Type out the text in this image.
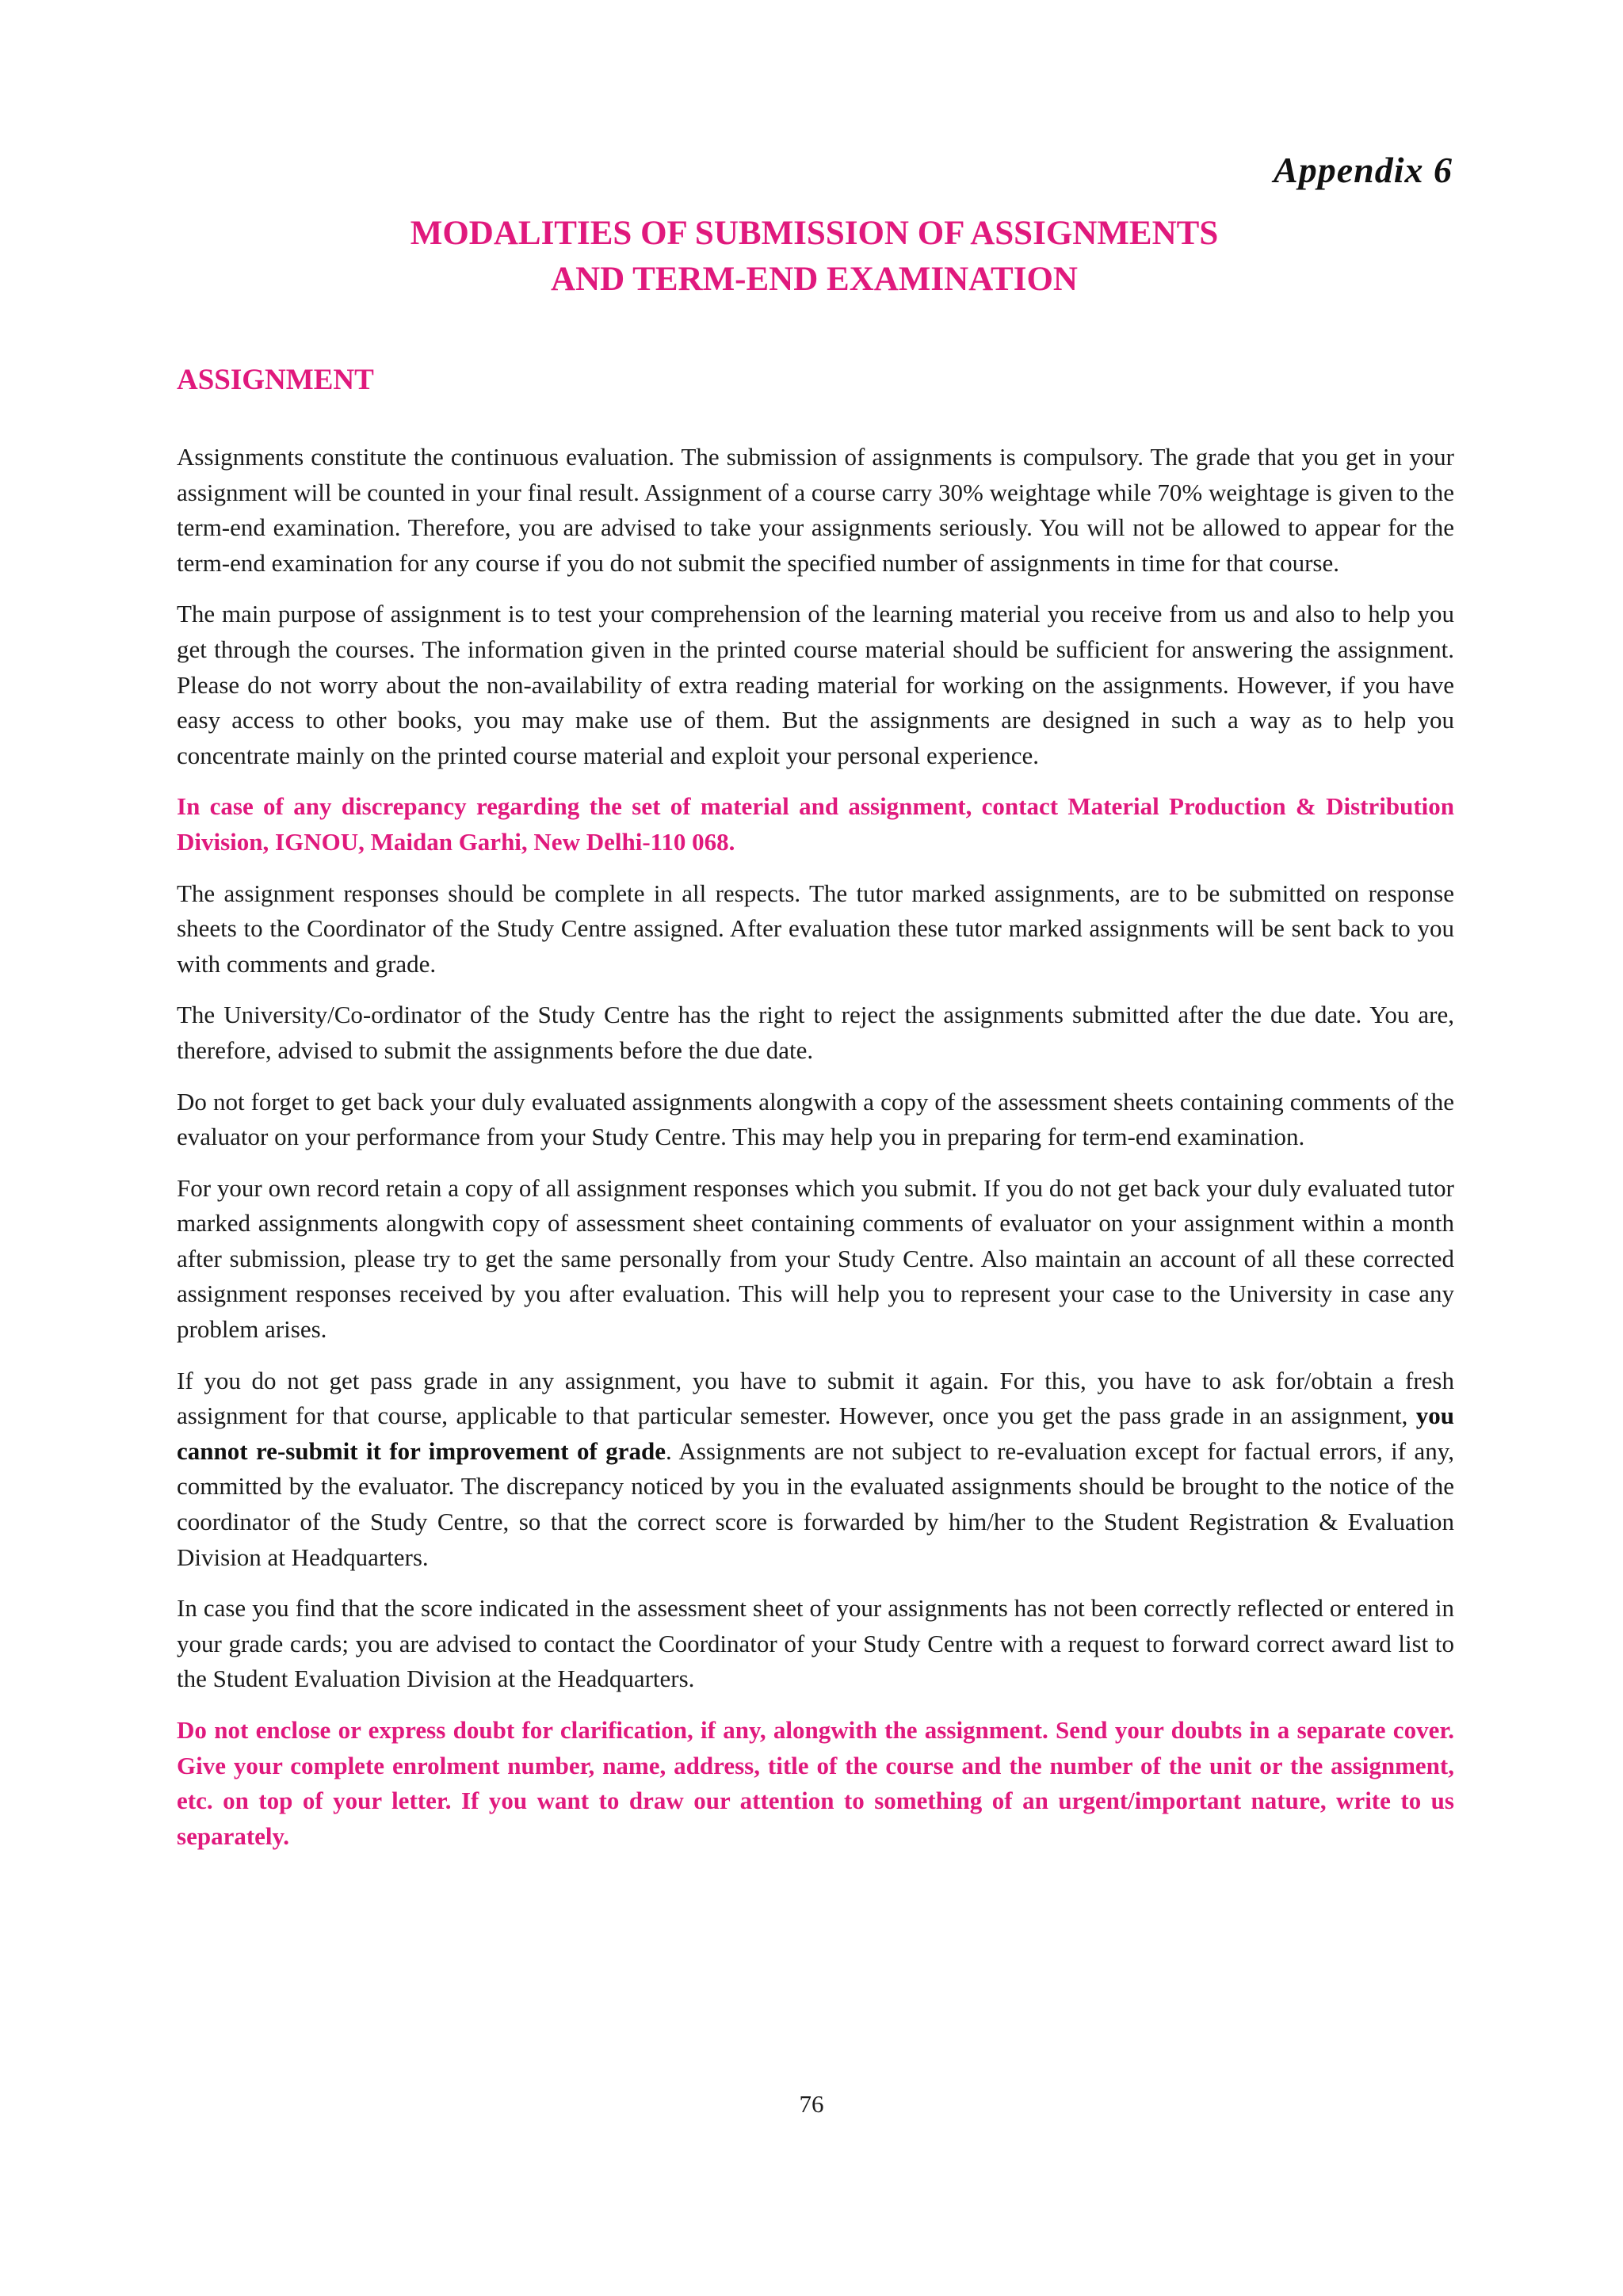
Appendix 6

MODALITIES OF SUBMISSION OF ASSIGNMENTS
AND TERM-END EXAMINATION
ASSIGNMENT

Assignments constitute the continuous evaluation. The submission of assignments is compulsory. The grade that you get in your assignment will be counted in your final result. Assignment of a course carry 30% weightage while 70% weightage is given to the term-end examination. Therefore, you are advised to take your assignments seriously. You will not be allowed to appear for the term-end examination for any course if you do not submit the specified number of assignments in time for that course.

The main purpose of assignment is to test your comprehension of the learning material you receive from us and also to help you get through the courses. The information given in the printed course material should be sufficient for answering the assignment. Please do not worry about the non-availability of extra reading material for working on the assignments. However, if you have easy access to other books, you may make use of them. But the assignments are designed in such a way as to help you concentrate mainly on the printed course material and exploit your personal experience.

In case of any discrepancy regarding the set of material and assignment, contact Material Production & Distribution Division, IGNOU, Maidan Garhi, New Delhi-110 068.

The assignment responses should be complete in all respects. The tutor marked assignments, are to be submitted on response sheets to the Coordinator of the Study Centre assigned. After evaluation these tutor marked assignments will be sent back to you with comments and grade.

The University/Co-ordinator of the Study Centre has the right to reject the assignments submitted after the due date. You are, therefore, advised to submit the assignments before the due date.

Do not forget to get back your duly evaluated assignments alongwith a copy of the assessment sheets containing comments of the evaluator on your performance from your Study Centre. This may help you in preparing for term-end examination.

For your own record retain a copy of all assignment responses which you submit. If you do not get back your duly evaluated tutor marked assignments alongwith copy of assessment sheet containing comments of evaluator on your assignment within a month after submission, please try to get the same personally from your Study Centre. Also maintain an account of all these corrected assignment responses received by you after evaluation. This will help you to represent your case to the University in case any problem arises.

If you do not get pass grade in any assignment, you have to submit it again. For this, you have to ask for/obtain a fresh assignment for that course, applicable to that particular semester. However, once you get the pass grade in an assignment, you cannot re-submit it for improvement of grade. Assignments are not subject to re-evaluation except for factual errors, if any, committed by the evaluator. The discrepancy noticed by you in the evaluated assignments should be brought to the notice of the coordinator of the Study Centre, so that the correct score is forwarded by him/her to the Student Registration & Evaluation Division at Headquarters.

In case you find that the score indicated in the assessment sheet of your assignments has not been correctly reflected or entered in your grade cards; you are advised to contact the Coordinator of your Study Centre with a request to forward correct award list to the Student Evaluation Division at the Headquarters.

Do not enclose or express doubt for clarification, if any, alongwith the assignment. Send your doubts in a separate cover. Give your complete enrolment number, name, address, title of the course and the number of the unit or the assignment, etc. on top of your letter. If you want to draw our attention to something of an urgent/important nature, write to us separately.

76
